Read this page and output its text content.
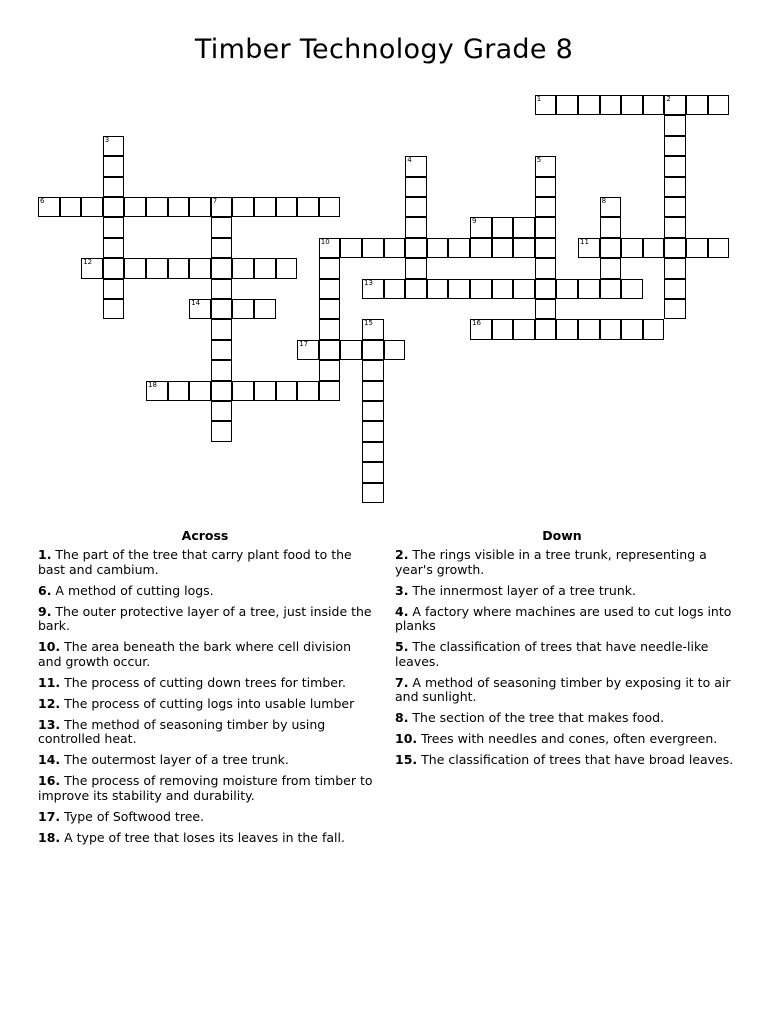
Timber Technology Grade 8
1	2
3
4	5
6	7	8
9
10	11
12
13
14
15	16
17
18
Across	Down
1. The part of the tree that carry plant food to the bast and cambium.
6. A method of cutting logs.
9. The outer protective layer of a tree, just inside the bark.
10. The area beneath the bark where cell division and growth occur.
11. The process of cutting down trees for timber.
12. The process of cutting logs into usable lumber
13. The method of seasoning timber by using controlled heat.
14. The outermost layer of a tree trunk.
16. The process of removing moisture from timber to improve its stability and durability.
17. Type of Softwood tree.
18. A type of tree that loses its leaves in the fall.
2. The rings visible in a tree trunk, representing a year's growth.
3. The innermost layer of a tree trunk.
4. A factory where machines are used to cut logs into planks
5. The classification of trees that have needle-like leaves.
7. A method of seasoning timber by exposing it to air and sunlight.
8. The section of the tree that makes food.
10. Trees with needles and cones, often evergreen.
15. The classification of trees that have broad leaves.
